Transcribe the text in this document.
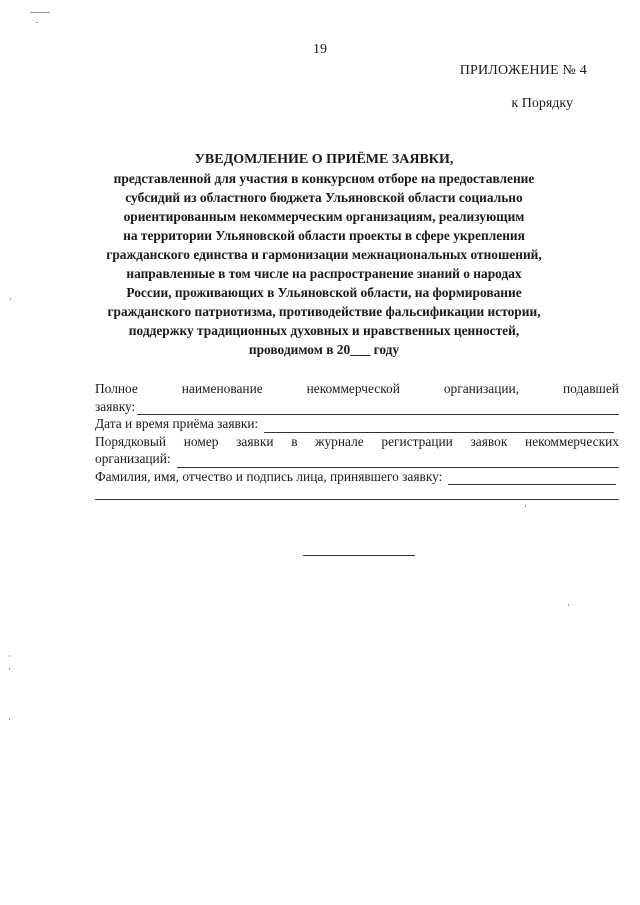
19
ПРИЛОЖЕНИЕ № 4
к Порядку
УВЕДОМЛЕНИЕ О ПРИЁМЕ ЗАЯВКИ,
представленной для участия в конкурсном отборе на предоставление
субсидий из областного бюджета Ульяновской области социально
ориентированным некоммерческим организациям, реализующим
на территории Ульяновской области проекты в сфере укрепления
гражданского единства и гармонизации межнациональных отношений,
направленные в том числе на распространение знаний о народах
России, проживающих в Ульяновской области, на формирование
гражданского патриотизма, противодействие фальсификации истории,
поддержку традиционных духовных и нравственных ценностей,
проводимом в 20___ году
Полное	наименование	некоммерческой	организации,	подавшей
заявку:
Дата и время приёма заявки:
Порядковый номер заявки в журнале регистрации заявок некоммерческих
организаций:
Фамилия, имя, отчество и подпись лица, принявшего заявку:
